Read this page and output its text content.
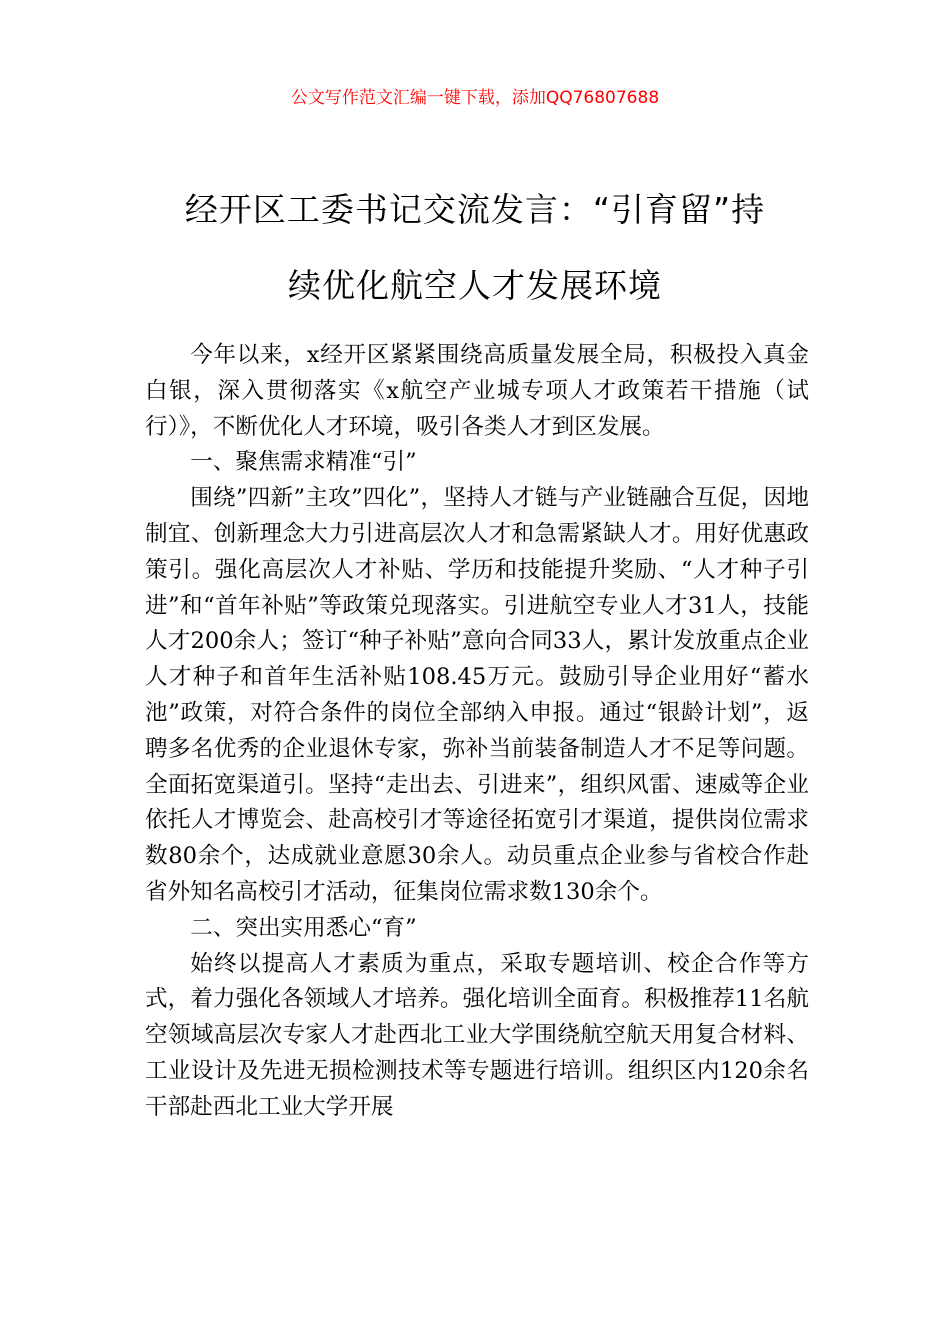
公文写作范文汇编一键下载，添加QQ76807688
经开区工委书记交流发言：“引育留”持
续优化航空人才发展环境

今年以来，x经开区紧紧围绕高质量发展全局，积极投入真金白银，深入贯彻落实《x航空产业城专项人才政策若干措施（试行）》，不断优化人才环境，吸引各类人才到区发展。

一、聚焦需求精准“引”

围绕”四新”主攻”四化”，坚持人才链与产业链融合互促，因地制宜、创新理念大力引进高层次人才和急需紧缺人才。用好优惠政策引。强化高层次人才补贴、学历和技能提升奖励、“人才种子引进”和“首年补贴”等政策兑现落实。引进航空专业人才31人，技能人才200余人；签订“种子补贴”意向合同33人，累计发放重点企业人才种子和首年生活补贴108.45万元。鼓励引导企业用好“蓄水池”政策，对符合条件的岗位全部纳入申报。通过“银龄计划”，返聘多名优秀的企业退休专家，弥补当前装备制造人才不足等问题。全面拓宽渠道引。坚持“走出去、引进来”，组织风雷、速威等企业依托人才博览会、赴高校引才等途径拓宽引才渠道，提供岗位需求数80余个，达成就业意愿30余人。动员重点企业参与省校合作赴省外知名高校引才活动，征集岗位需求数130余个。

二、突出实用悉心“育”

始终以提高人才素质为重点，采取专题培训、校企合作等方式，着力强化各领域人才培养。强化培训全面育。积极推荐11名航空领域高层次专家人才赴西北工业大学围绕航空航天用复合材料、工业设计及先进无损检测技术等专题进行培训。组织区内120余名干部赴西北工业大学开展
